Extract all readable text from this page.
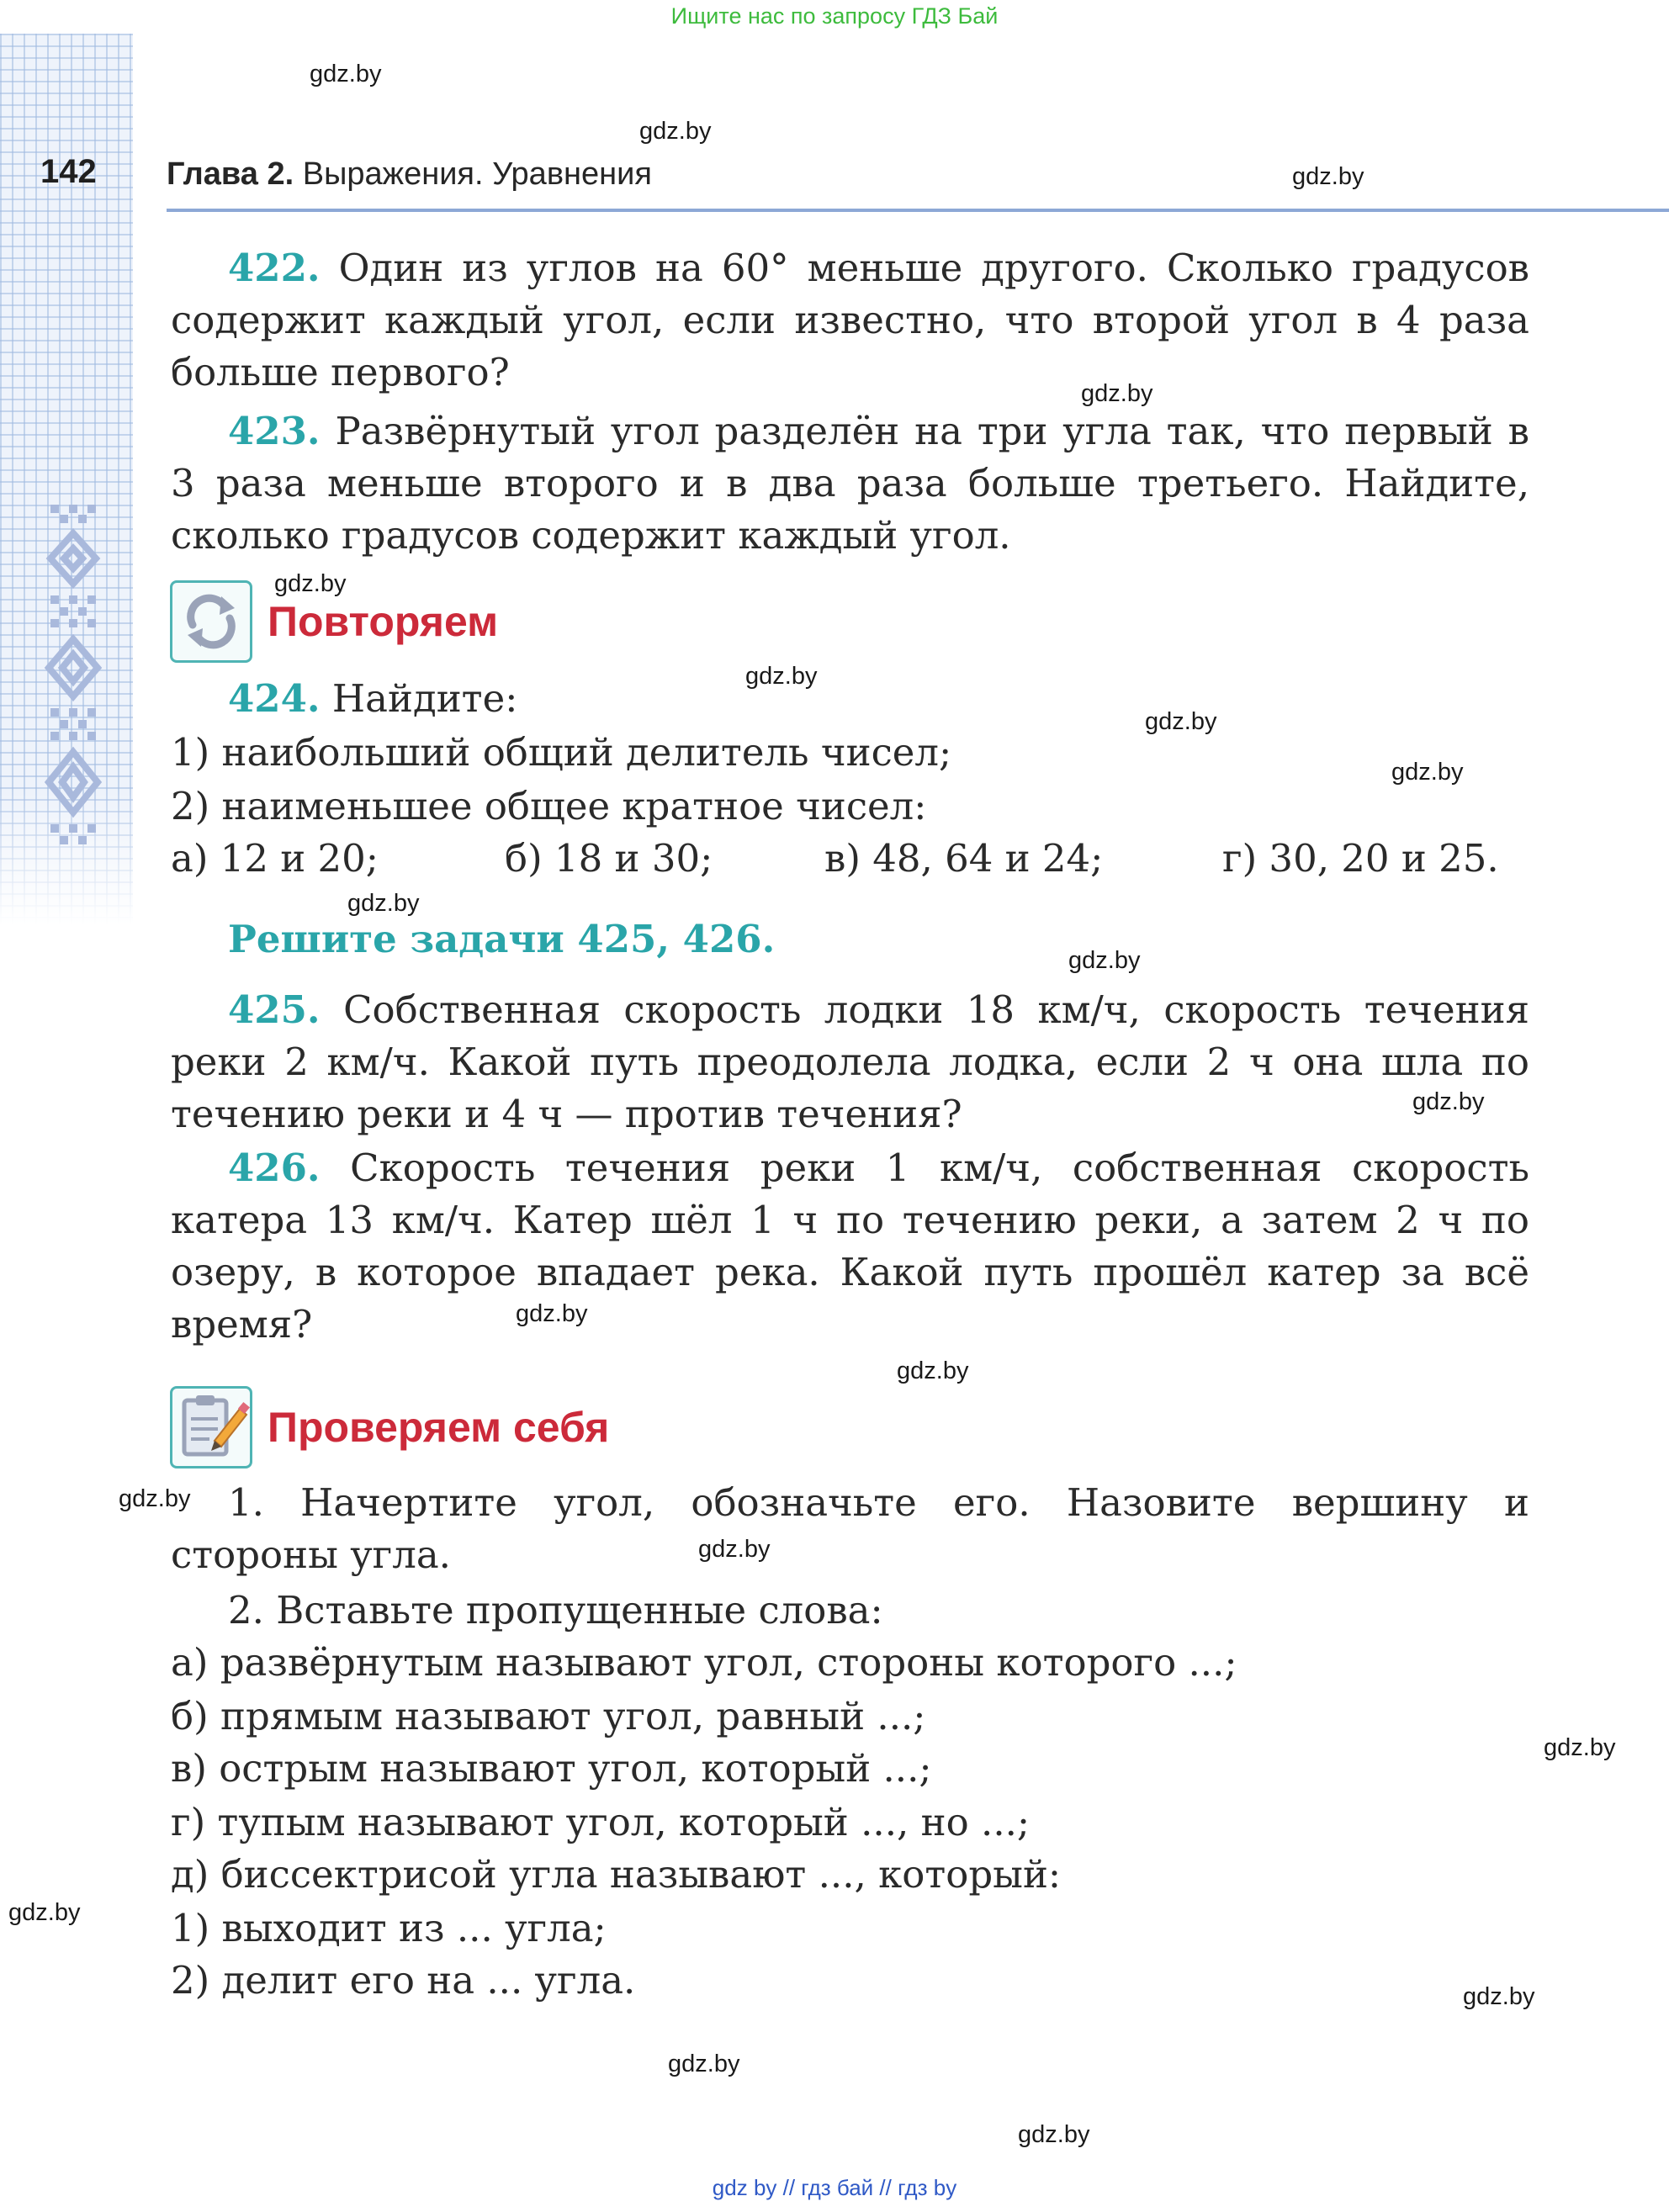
Ищите нас по запросу ГДЗ Бай
142 Глава 2. Выражения. Уравнения
422. Один из углов на 60° меньше другого. Сколько градусов содержит каждый угол, если известно, что второй угол в 4 раза больше первого?
423. Развёрнутый угол разделён на три угла так, что первый в 3 раза меньше второго и в два раза больше третьего. Найдите, сколько градусов содержит каждый угол.
Повторяем
424. Найдите:
1) наибольший общий делитель чисел;
2) наименьшее общее кратное чисел:
а) 12 и 20;	б) 18 и 30;	в) 48, 64 и 24;	г) 30, 20 и 25.
Решите задачи 425, 426.
425. Собственная скорость лодки 18 км/ч, скорость течения реки 2 км/ч. Какой путь преодолела лодка, если 2 ч она шла по течению реки и 4 ч — против течения?
426. Скорость течения реки 1 км/ч, собственная скорость катера 13 км/ч. Катер шёл 1 ч по течению реки, а затем 2 ч по озеру, в которое впадает река. Какой путь прошёл катер за всё время?
Проверяем себя
1. Начертите угол, обозначьте его. Назовите вершину и стороны угла.
2. Вставьте пропущенные слова:
а) развёрнутым называют угол, стороны которого ...;
б) прямым называют угол, равный ...;
в) острым называют угол, который ...;
г) тупым называют угол, который ..., но ...;
д) биссектрисой угла называют ..., который:
1) выходит из ... угла;
2) делит его на ... угла.
gdz.by
gdz.by
gdz.by
gdz.by
gdz.by
gdz.by
gdz.by
gdz.by
gdz.by
gdz.by
gdz.by
gdz.by
gdz.by
gdz.by
gdz.by
gdz.by
gdz.by
gdz.by
gdz.by
gdz.by
gdz by // гдз бай // гдз by
